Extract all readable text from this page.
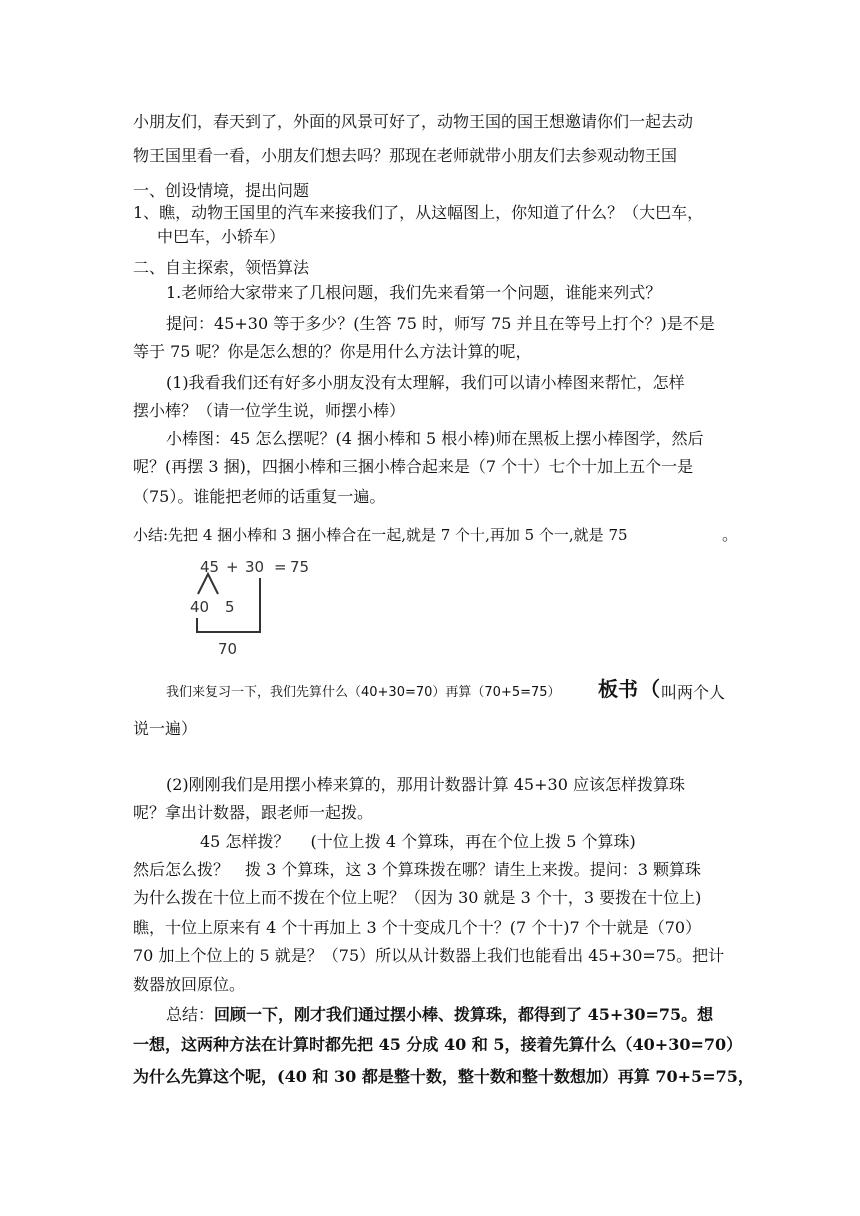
小朋友们，春天到了，外面的风景可好了，动物王国的国王想邀请你们一起去动
物王国里看一看，小朋友们想去吗？那现在老师就带小朋友们去参观动物王国
一、创设情境，提出问题
1、瞧，动物王国里的汽车来接我们了，从这幅图上，你知道了什么？（大巴车，
中巴车，小轿车）
二、自主探索，领悟算法
1.老师给大家带来了几根问题，我们先来看第一个问题，谁能来列式？
提问：45+30 等于多少？(生答 75 时，师写 75 并且在等号上打个？)是不是
等于 75 呢？你是怎么想的？你是用什么方法计算的呢，
(1)我看我们还有好多小朋友没有太理解，我们可以请小棒图来帮忙，怎样
摆小棒？（请一位学生说，师摆小棒）
小棒图：45 怎么摆呢？(4 捆小棒和 5 根小棒)师在黑板上摆小棒图学，然后
呢？(再摆 3 捆)，四捆小棒和三捆小棒合起来是（7 个十）七个十加上五个一是
（75）。谁能把老师的话重复一遍。
小结:先把 4 捆小棒和 3 捆小棒合在一起,就是 7 个十,再加 5 个一,就是 75	。
45 + 30 = 75
40 5
70
我们来复习一下，我们先算什么（40+30=70）再算（70+5=75） 板书 （ 叫两个人
说一遍）
(2)刚刚我们是用摆小棒来算的，那用计数器计算 45+30 应该怎样拨算珠
呢？拿出计数器，跟老师一起拨。
45 怎样拨？　 (十位上拨 4 个算珠，再在个位上拨 5 个算珠)
然后怎么拨？　拨 3 个算珠，这 3 个算珠拨在哪？请生上来拨。提问：3 颗算珠
为什么拨在十位上而不拨在个位上呢？（因为 30 就是 3 个十，3 要拨在十位上)
瞧，十位上原来有 4 个十再加上 3 个十变成几个十？(7 个十)7 个十就是（70）
70 加上个位上的 5 就是？（75）所以从计数器上我们也能看出 45+30=75。把计
数器放回原位。
总结： 回顾一下，刚才我们通过摆小棒、拨算珠，都得到了 45+30=75。想
一想，这两种方法在计算时都先把 45 分成 40 和 5，接着先算什么（40+30=70）
为什么先算这个呢，(40 和 30 都是整十数，整十数和整十数想加）再算 70+5=75，
